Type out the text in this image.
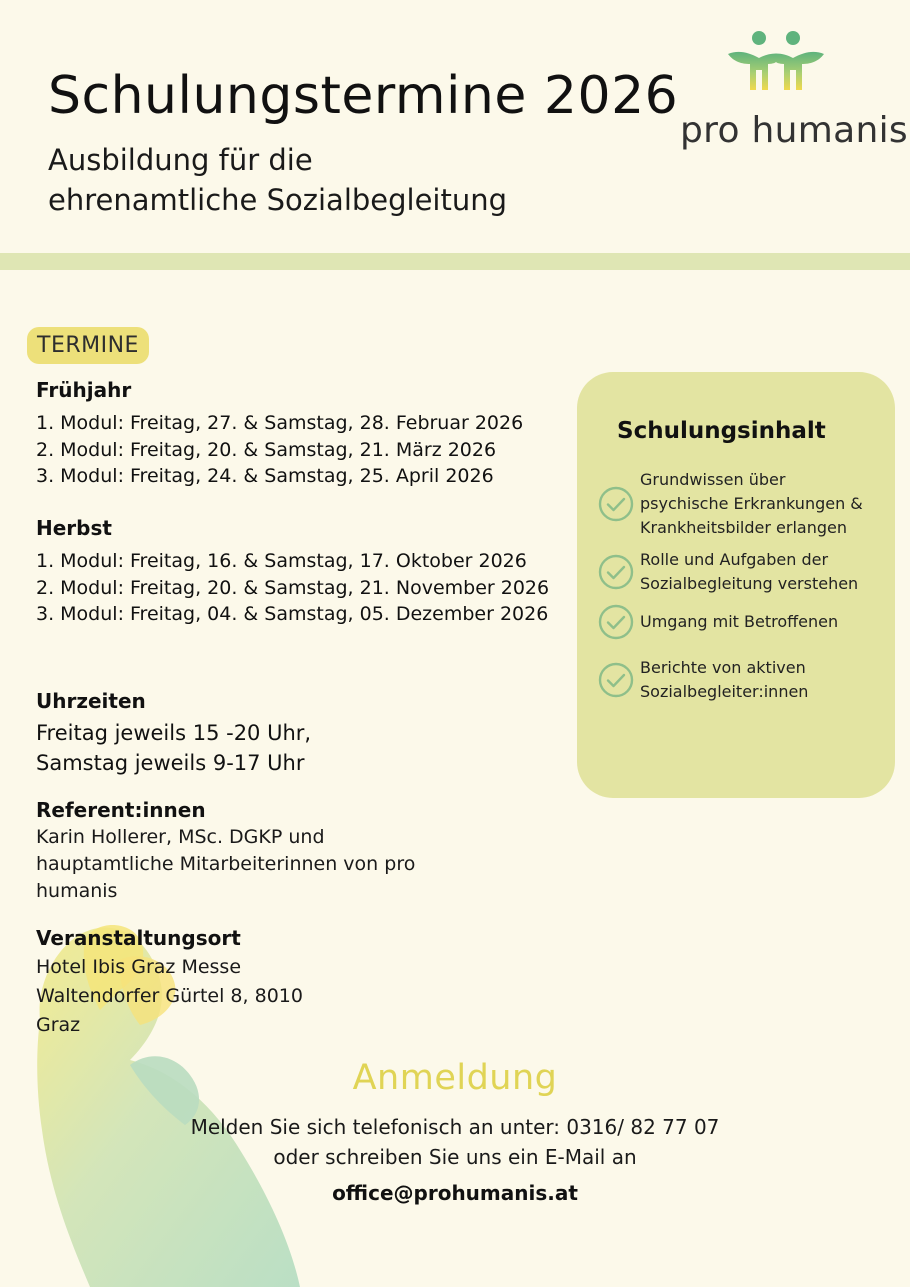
Schulungstermine 2026
Ausbildung für die
ehrenamtliche Sozialbegleitung
pro humanis
TERMINE
Frühjahr
1. Modul: Freitag, 27. & Samstag, 28. Februar 2026
2. Modul: Freitag, 20. & Samstag, 21. März 2026
3. Modul: Freitag, 24. & Samstag, 25. April 2026
Herbst
1. Modul: Freitag, 16. & Samstag, 17. Oktober 2026
2. Modul: Freitag, 20. & Samstag, 21. November 2026
3. Modul: Freitag, 04. & Samstag, 05. Dezember 2026
Uhrzeiten
Freitag jeweils 15 -20 Uhr,
Samstag jeweils 9-17 Uhr
Referent:innen
Karin Hollerer, MSc. DGKP und
hauptamtliche Mitarbeiterinnen von pro
humanis
Veranstaltungsort
Hotel Ibis Graz Messe
Waltendorfer Gürtel 8, 8010
Graz
Schulungsinhalt
Grundwissen über
psychische Erkrankungen &
Krankheitsbilder erlangen
Rolle und Aufgaben der
Sozialbegleitung verstehen
Umgang mit Betroffenen
Berichte von aktiven
Sozialbegleiter:innen
Anmeldung
Melden Sie sich telefonisch an unter: 0316/ 82 77 07
oder schreiben Sie uns ein E-Mail an
office@prohumanis.at
